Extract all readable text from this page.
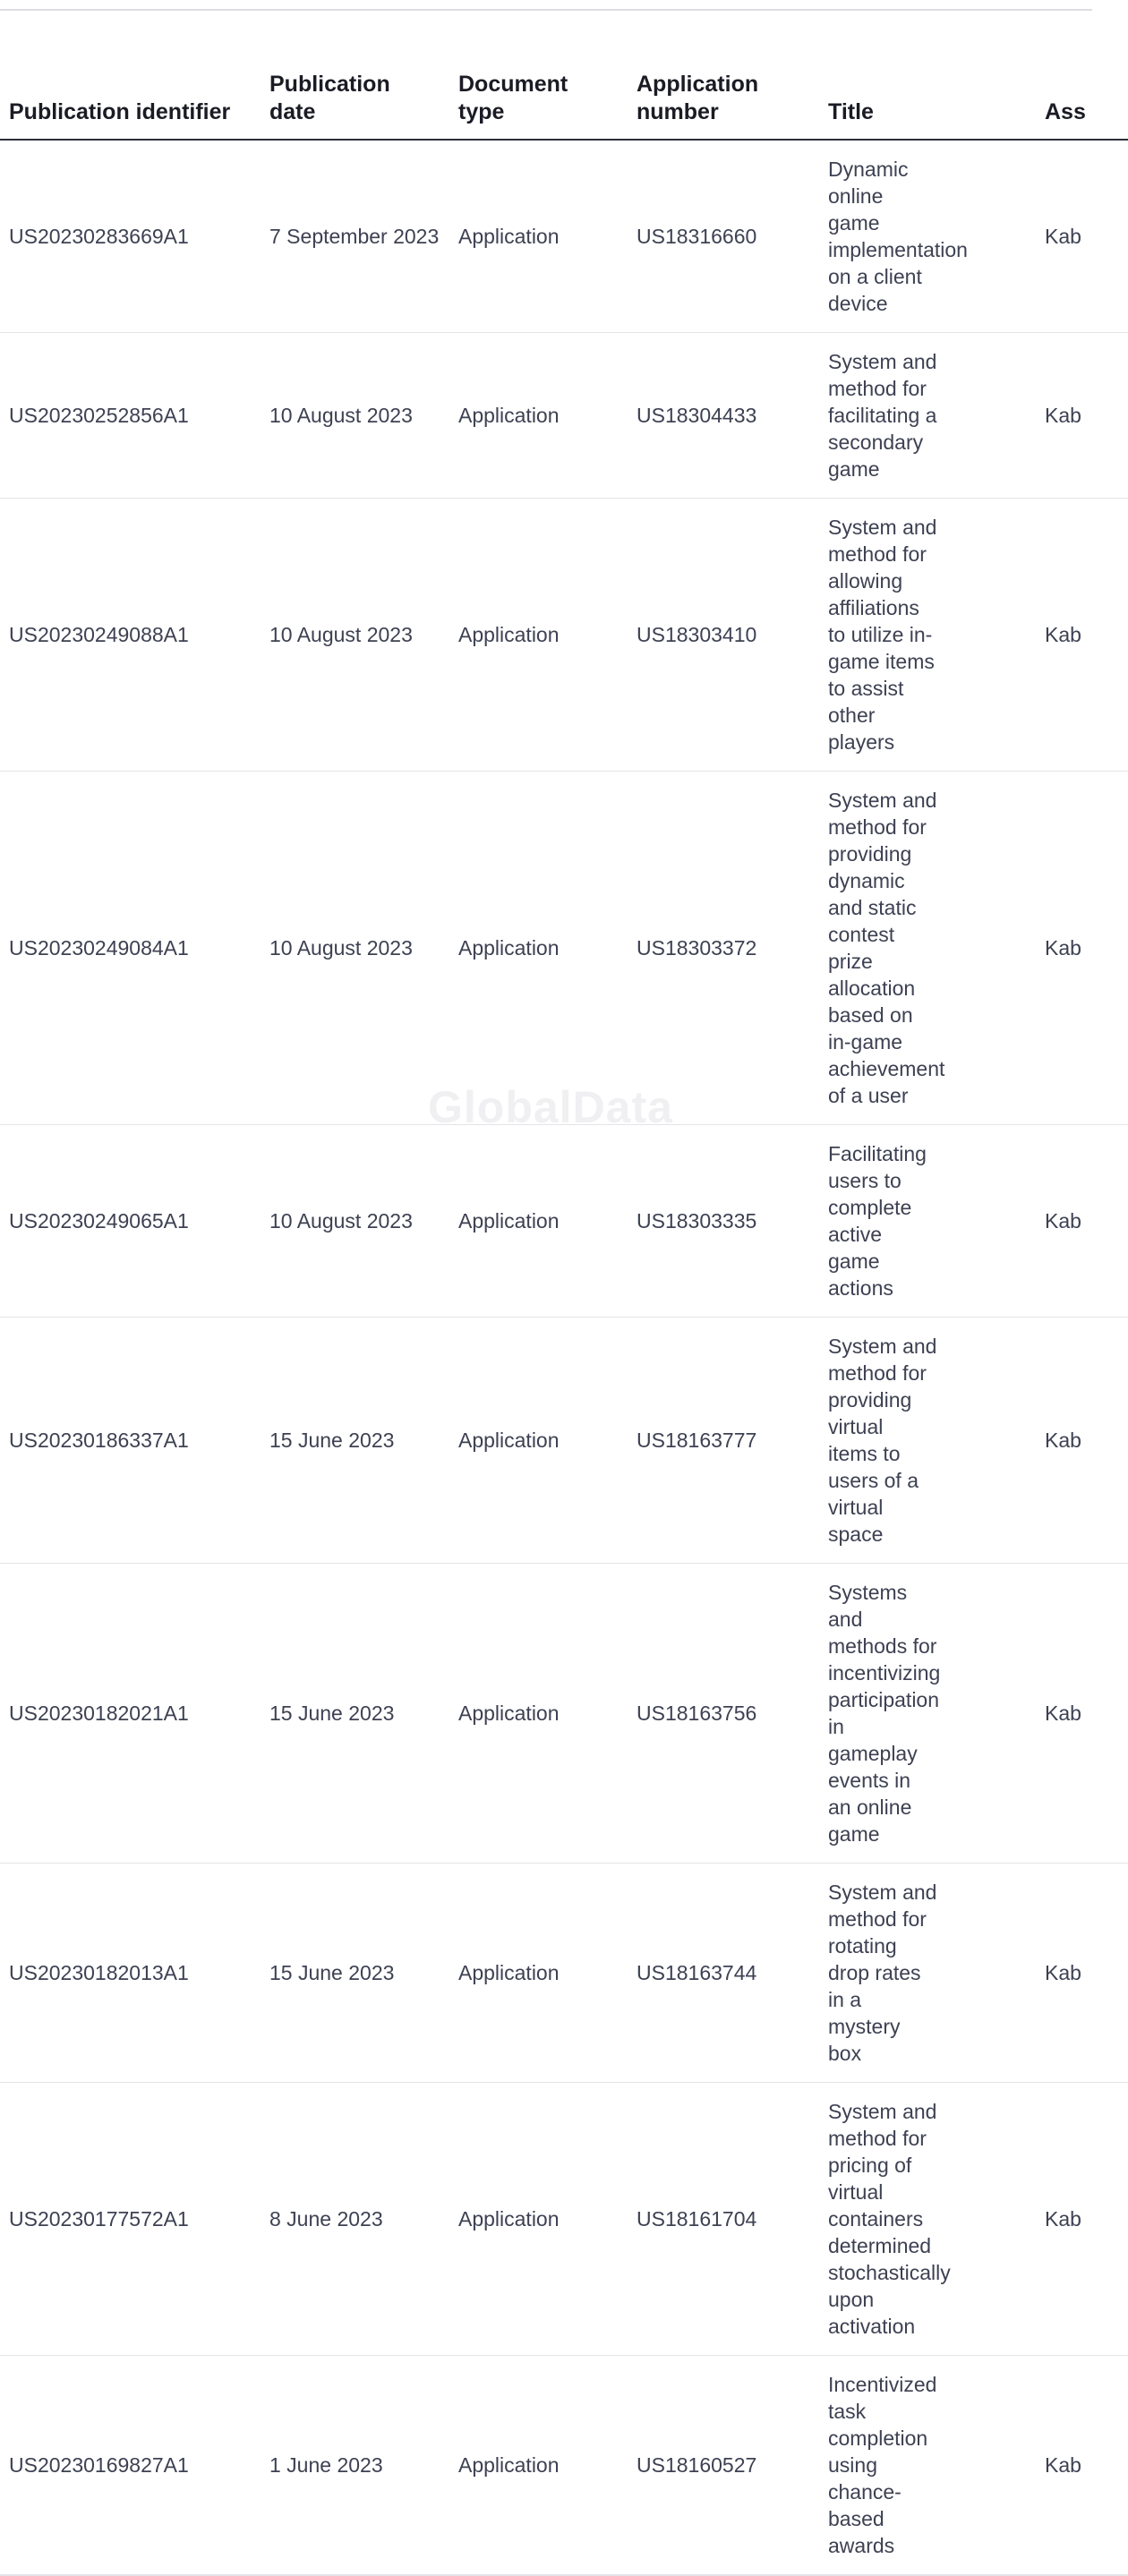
GlobalData
Publication identifier	Publication date	Document type	Application number	Title	Ass
US20230283669A1	7 September 2023	Application	US18316660	Dynamic online game implementation on a client device	Kab
US20230252856A1	10 August 2023	Application	US18304433	System and method for facilitating a secondary game	Kab
US20230249088A1	10 August 2023	Application	US18303410	System and method for allowing affiliations to utilize in-game items to assist other players	Kab
US20230249084A1	10 August 2023	Application	US18303372	System and method for providing dynamic and static contest prize allocation based on in-game achievement of a user	Kab
US20230249065A1	10 August 2023	Application	US18303335	Facilitating users to complete active game actions	Kab
US20230186337A1	15 June 2023	Application	US18163777	System and method for providing virtual items to users of a virtual space	Kab
US20230182021A1	15 June 2023	Application	US18163756	Systems and methods for incentivizing participation in gameplay events in an online game	Kab
US20230182013A1	15 June 2023	Application	US18163744	System and method for rotating drop rates in a mystery box	Kab
US20230177572A1	8 June 2023	Application	US18161704	System and method for pricing of virtual containers determined stochastically upon activation	Kab
US20230169827A1	1 June 2023	Application	US18160527	Incentivized task completion using chance-based awards	Kab
